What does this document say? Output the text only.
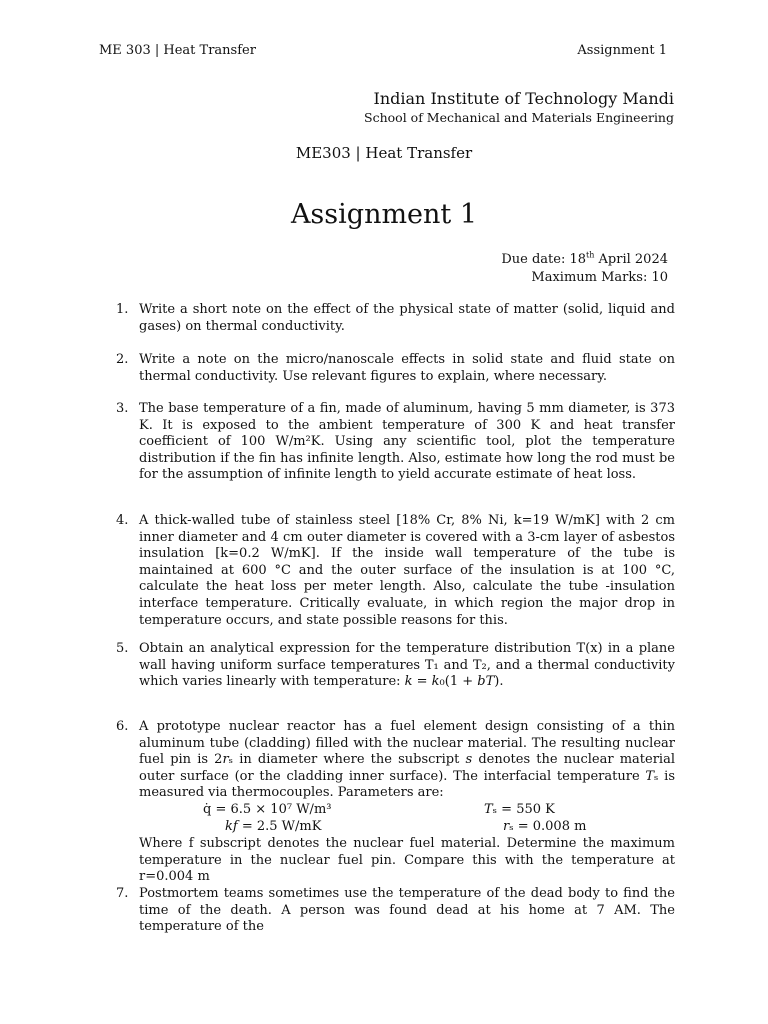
ME 303 | Heat Transfer	Assignment 1
Indian Institute of Technology Mandi
School of Mechanical and Materials Engineering
ME303 | Heat Transfer
Assignment 1
Due date: 18th April 2024
Maximum Marks: 10
1. Write a short note on the effect of the physical state of matter (solid, liquid and gases) on thermal conductivity.
2. Write a note on the micro/nanoscale effects in solid state and fluid state on thermal conductivity. Use relevant figures to explain, where necessary.
3. The base temperature of a fin, made of aluminum, having 5 mm diameter, is 373 K. It is exposed to the ambient temperature of 300 K and heat transfer coefficient of 100 W/m²K. Using any scientific tool, plot the temperature distribution if the fin has infinite length. Also, estimate how long the rod must be for the assumption of infinite length to yield accurate estimate of heat loss.
4. A thick-walled tube of stainless steel [18% Cr, 8% Ni, k=19 W/mK] with 2 cm inner diameter and 4 cm outer diameter is covered with a 3-cm layer of asbestos insulation [k=0.2 W/mK]. If the inside wall temperature of the tube is maintained at 600 °C and the outer surface of the insulation is at 100 °C, calculate the heat loss per meter length. Also, calculate the tube -insulation interface temperature. Critically evaluate, in which region the major drop in temperature occurs, and state possible reasons for this.
5. Obtain an analytical expression for the temperature distribution T(x) in a plane wall having uniform surface temperatures T₁ and T₂, and a thermal conductivity which varies linearly with temperature: 𝑘 = 𝑘₀(1 + 𝑏𝑇).
6. A prototype nuclear reactor has a fuel element design consisting of a thin aluminum tube (cladding) filled with the nuclear material. The resulting nuclear fuel pin is 2𝑟ₛ in diameter where the subscript 𝑠 denotes the nuclear material outer surface (or the cladding inner surface). The interfacial temperature 𝑇ₛ is measured via thermocouples. Parameters are:
q̇ = 6.5 × 10⁷ W/m³	𝑇ₛ = 550 K
𝑘𝑓 = 2.5 W/mK	𝑟ₛ = 0.008 m
Where f subscript denotes the nuclear fuel material. Determine the maximum temperature in the nuclear fuel pin. Compare this with the temperature at r=0.004 m
7. Postmortem teams sometimes use the temperature of the dead body to find the time of the death. A person was found dead at his home at 7 AM. The temperature of the
